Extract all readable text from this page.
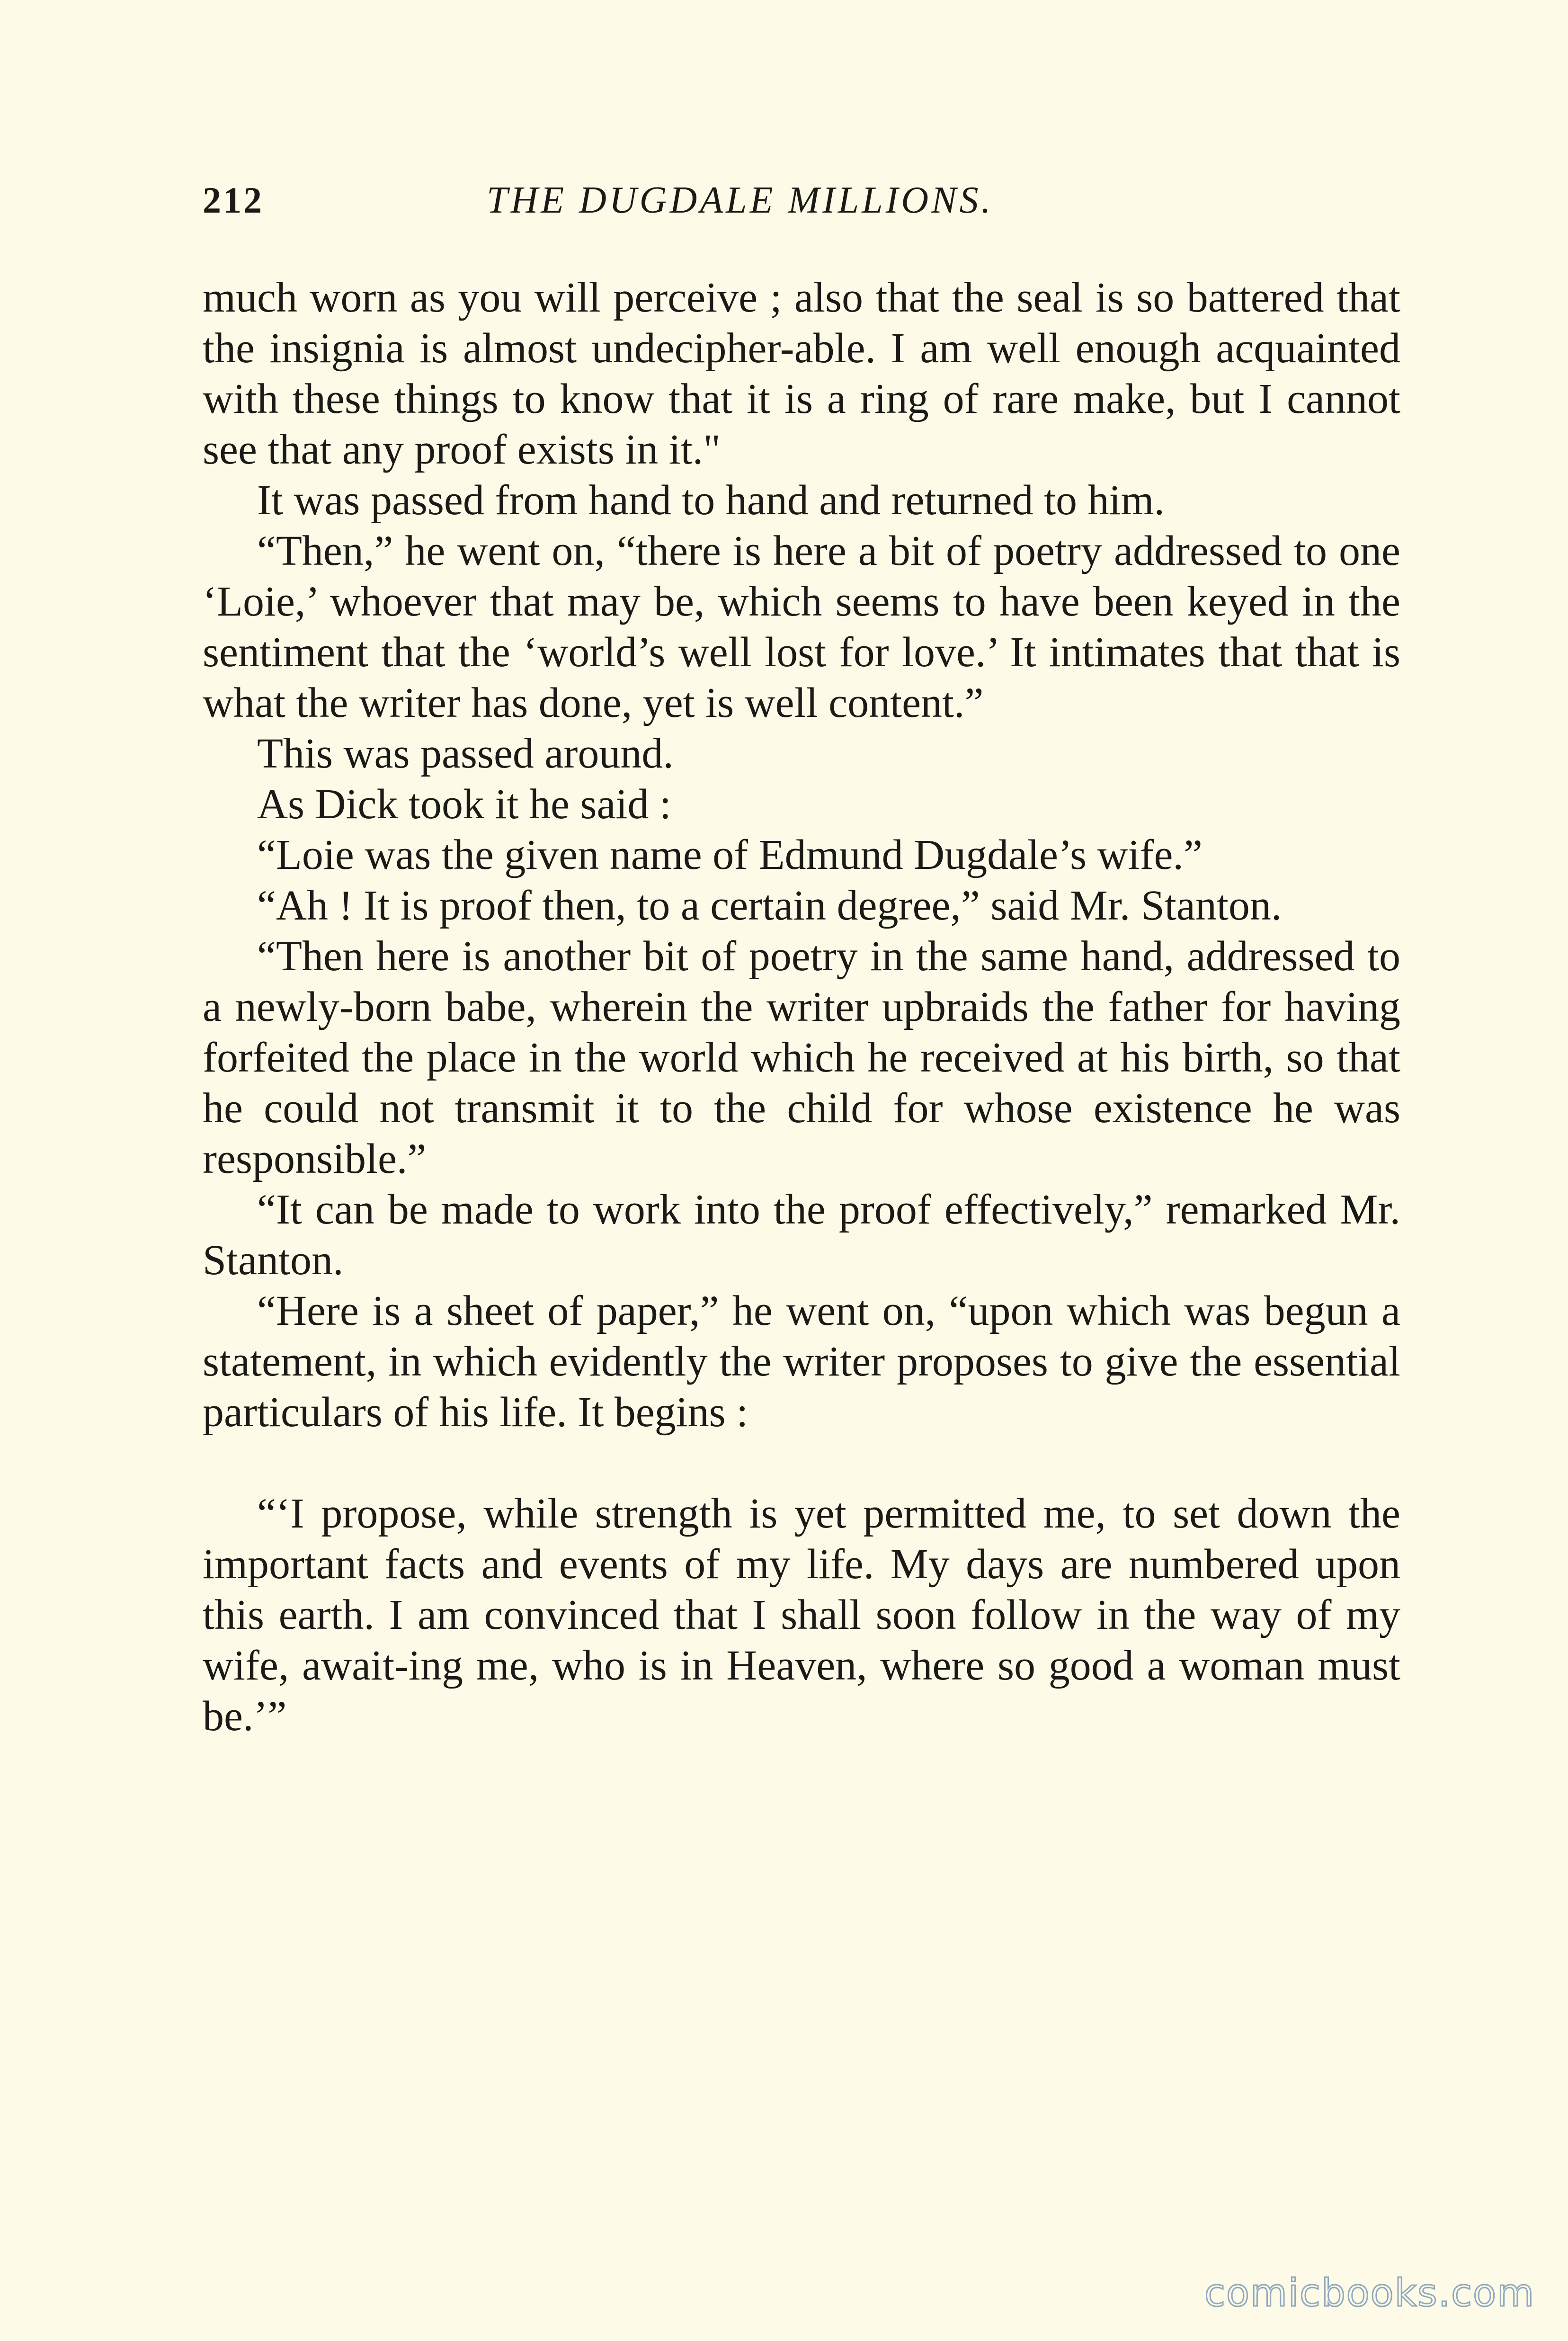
212	THE DUGDALE MILLIONS.

much worn as you will perceive ; also that the seal is so battered that the insignia is almost undecipher-able. I am well enough acquainted with these things to know that it is a ring of rare make, but I cannot see that any proof exists in it."

It was passed from hand to hand and returned to him.

“Then,” he went on, “there is here a bit of poetry addressed to one ‘Loie,’ whoever that may be, which seems to have been keyed in the sentiment that the ‘world’s well lost for love.’ It intimates that that is what the writer has done, yet is well content.”

This was passed around.

As Dick took it he said :

“Loie was the given name of Edmund Dugdale’s wife.”

“Ah ! It is proof then, to a certain degree,” said Mr. Stanton.

“Then here is another bit of poetry in the same hand, addressed to a newly-born babe, wherein the writer upbraids the father for having forfeited the place in the world which he received at his birth, so that he could not transmit it to the child for whose existence he was responsible.”

“It can be made to work into the proof effectively,” remarked Mr. Stanton.

“Here is a sheet of paper,” he went on, “upon which was begun a statement, in which evidently the writer proposes to give the essential particulars of his life. It begins :

“‘I propose, while strength is yet permitted me, to set down the important facts and events of my life. My days are numbered upon this earth. I am convinced that I shall soon follow in the way of my wife, await-ing me, who is in Heaven, where so good a woman must be.’”

comicbooks.com
